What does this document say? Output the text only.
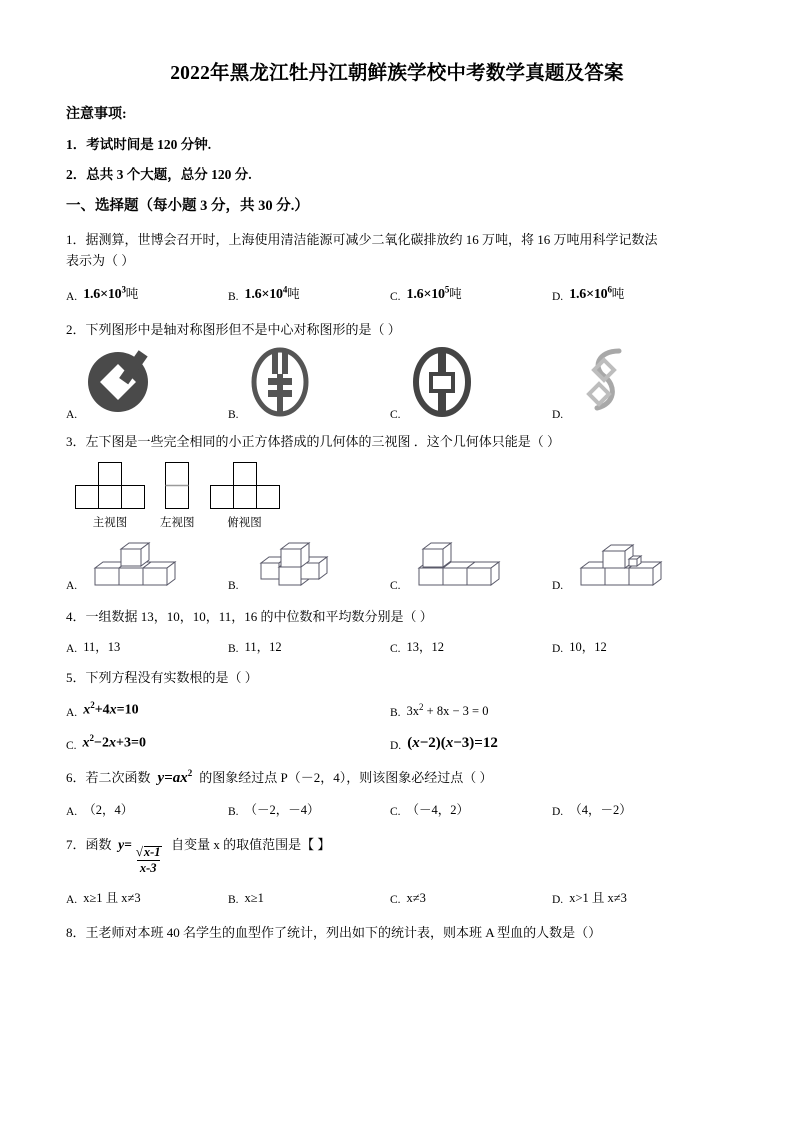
2022年黑龙江牡丹江朝鲜族学校中考数学真题及答案
注意事项:
1．考试时间是 120 分钟.
2．总共 3 个大题，总分 120 分.
一、选择题（每小题 3 分，共 30 分.）
1．据测算，世博会召开时，上海使用清洁能源可减少二氧化碳排放约 16 万吨，将 16 万吨用科学记数法
表示为（ ）
A. $1.6\times 10^3$吨	B. $1.6\times 10^4$吨	C. $1.6\times 10^5$吨	D. $1.6\times 10^6$吨
2．下列图形中是轴对称图形但不是中心对称图形的是（ ）
A.	B.	C.	D.
3．左下图是一些完全相同的小正方体搭成的几何体的三视图 ．这个几何体只能是（ ）
主视图	左视图	俯视图
A.	B.	C.	D.
4．一组数据 13，10，10，11，16 的中位数和平均数分别是（ ）
A. 11，13	B. 11，12	C. 13，12	D. 10，12
5．下列方程没有实数根的是（ ）
A. $x^2+4x=10$	B. $3x^2 + 8x - 3 = 0$
C. $x^2-2x+3=0$	D. (x−2)(x−3)=12
6．若二次函数 $y=ax^2$ 的图象经过点 P（－2，4），则该图象必经过点（ ）
A. （2，4）	B. （－2，－4）	C. （－4，2）	D. （4，－2）
7．函数 y=
√ $\frac{x-1}{x-3}$
自变量 x 的取值范围是【 】
A. x≥1 且 x≠3	B. x≥1	C. x≠3	D. x>1 且 x≠3
8．王老师对本班 40 名学生的血型作了统计，列出如下的统计表，则本班 A 型血的人数是（）
